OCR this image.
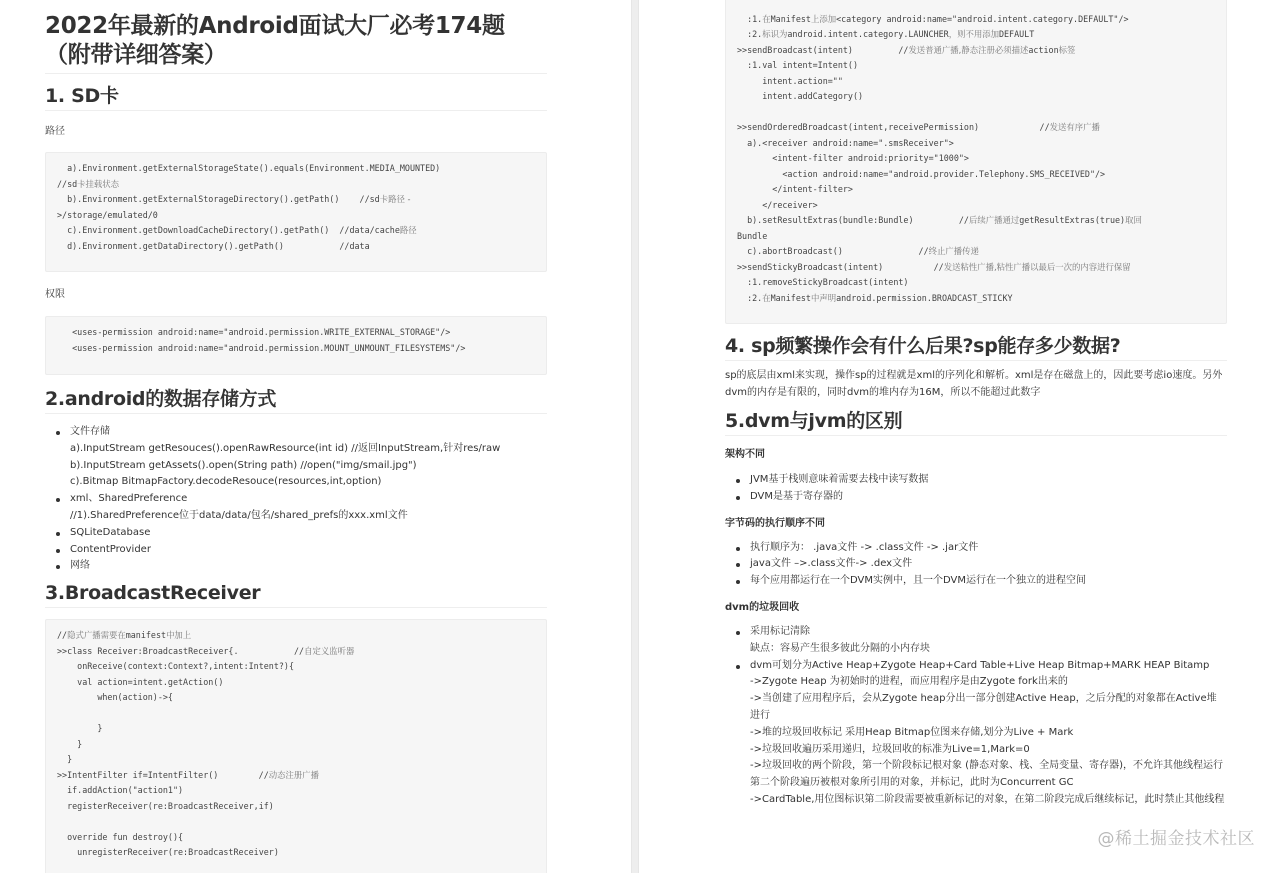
2022年最新的Android面试大厂必考174题（附带详细答案）
1. SD卡
路径
a).Environment.getExternalStorageState().equals(Environment.MEDIA_MOUNTED)
//sd卡挂载状态
b).Environment.getExternalStorageDirectory().getPath()    //sd卡路径 -
>/storage/emulated/0
c).Environment.getDownloadCacheDirectory().getPath()  //data/cache路径
d).Environment.getDataDirectory().getPath()           //data
权限
<uses-permission android:name="android.permission.WRITE_EXTERNAL_STORAGE"/>
<uses-permission android:name="android.permission.MOUNT_UNMOUNT_FILESYSTEMS"/>
2.android的数据存储方式
文件存储
a).InputStream getResouces().openRawResource(int id) //返回InputStream,针对res/raw
b).InputStream getAssets().open(String path) //open("img/smail.jpg")
c).Bitmap BitmapFactory.decodeResouce(resources,int,option)
xml、SharedPreference
//1).SharedPreference位于data/data/包名/shared_prefs的xxx.xml文件
SQLiteDatabase
ContentProvider
网络
3.BroadcastReceiver
//隐式广播需要在manifest中加上
>>class Receiver:BroadcastReceiver{.           //自定义监听器
onReceive(context:Context?,intent:Intent?){
val action=intent.getAction()
when(action)->{

}
}
}
>>IntentFilter if=IntentFilter()        //动态注册广播
if.addAction("action1")
registerReceiver(re:BroadcastReceiver,if)

override fun destroy(){
unregisterReceiver(re:BroadcastReceiver)

:1.在Manifest上添加<category android:name="android.intent.category.DEFAULT"/>
:2.标识为android.intent.category.LAUNCHER，则不用添加DEFAULT
>>sendBroadcast(intent)         //发送普通广播,静态注册必须描述action标签
:1.val intent=Intent()
intent.action=""
intent.addCategory()

>>sendOrderedBroadcast(intent,receivePermission)            //发送有序广播
a).<receiver android:name=".smsReceiver">
<intent-filter android:priority="1000">
<action android:name="android.provider.Telephony.SMS_RECEIVED"/>
</intent-filter>
</receiver>
b).setResultExtras(bundle:Bundle)         //后续广播通过getResultExtras(true)取回
Bundle
c).abortBroadcast()               //终止广播传递
>>sendStickyBroadcast(intent)          //发送粘性广播,粘性广播以最后一次的内容进行保留
:1.removeStickyBroadcast(intent)
:2.在Manifest中声明android.permission.BROADCAST_STICKY
4. sp频繁操作会有什么后果?sp能存多少数据?

sp的底层由xml来实现，操作sp的过程就是xml的序列化和解析。xml是存在磁盘上的，因此要考虑io速度。另外dvm的内存是有限的，同时dvm的堆内存为16M，所以不能超过此数字

5.dvm与jvm的区别
架构不同
JVM基于栈则意味着需要去栈中读写数据
DVM是基于寄存器的
字节码的执行顺序不同
执行顺序为： .java文件 -> .class文件 -> .jar文件
java文件 –>.class文件-> .dex文件
每个应用都运行在一个DVM实例中，且一个DVM运行在一个独立的进程空间
dvm的垃圾回收
采用标记清除
缺点：容易产生很多彼此分隔的小内存块
dvm可划分为Active Heap+Zygote Heap+Card Table+Live Heap Bitmap+MARK HEAP Bitamp
->Zygote Heap 为初始时的进程，而应用程序是由Zygote fork出来的
->当创建了应用程序后，会从Zygote heap分出一部分创建Active Heap，之后分配的对象都在Active堆进行
->堆的垃圾回收标记 采用Heap Bitmap位图来存储,划分为Live + Mark
->垃圾回收遍历采用递归，垃圾回收的标准为Live=1,Mark=0
->垃圾回收的两个阶段，第一个阶段标记根对象 (静态对象、栈、全局变量、寄存器)，不允许其他线程运行
第二个阶段遍历被根对象所引用的对象，并标记，此时为Concurrent GC
->CardTable,用位图标识第二阶段需要被重新标记的对象，在第二阶段完成后继续标记，此时禁止其他线程
@稀土掘金技术社区
